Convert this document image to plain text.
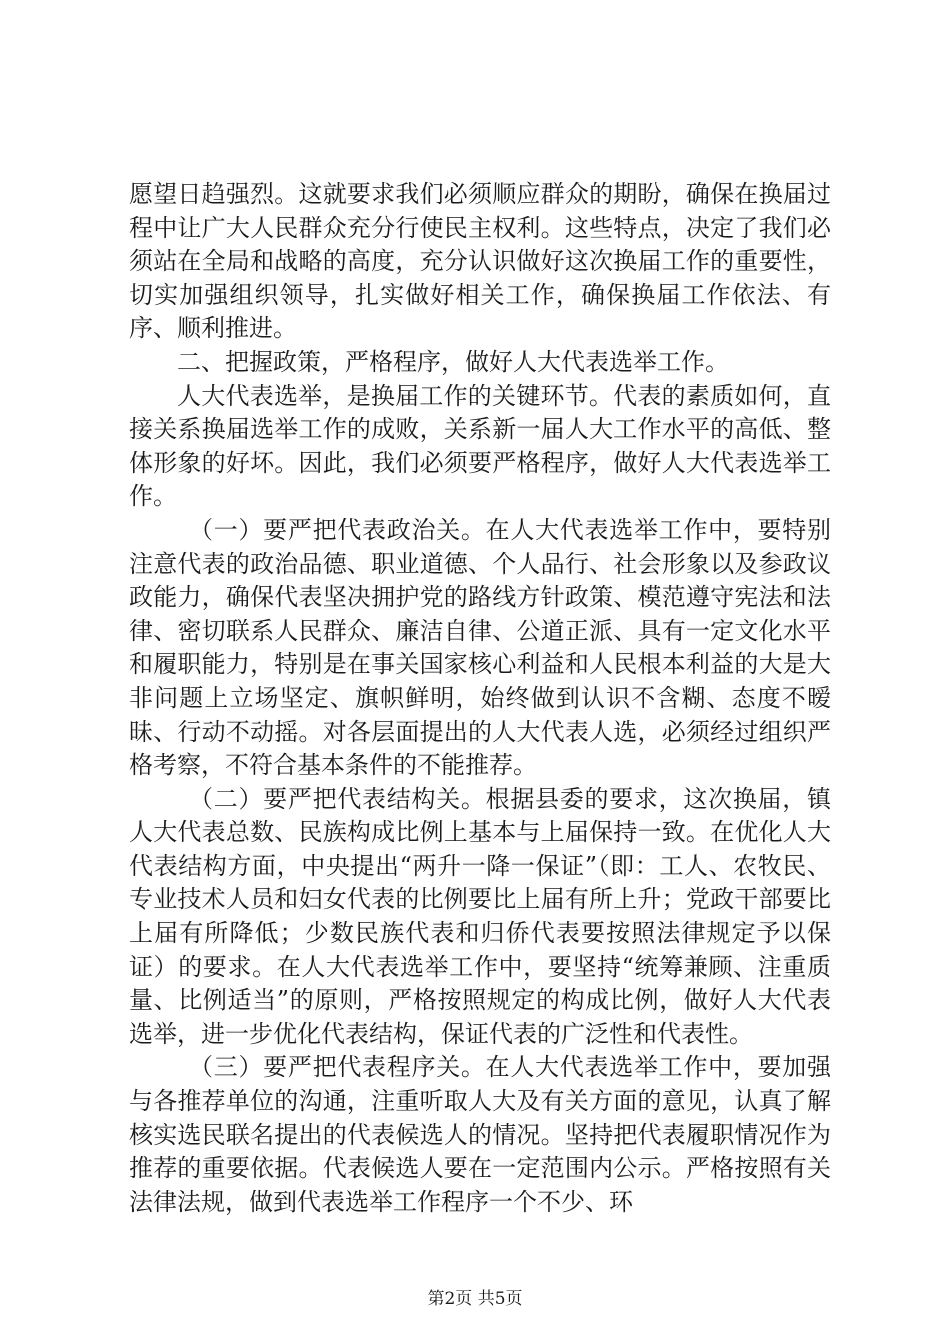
愿望日趋强烈。这就要求我们必须顺应群众的期盼，确保在换届过程中让广大人民群众充分行使民主权利。这些特点，决定了我们必须站在全局和战略的高度，充分认识做好这次换届工作的重要性，切实加强组织领导，扎实做好相关工作，确保换届工作依法、有序、顺利推进。

二、把握政策，严格程序，做好人大代表选举工作。

人大代表选举，是换届工作的关键环节。代表的素质如何，直接关系换届选举工作的成败，关系新一届人大工作水平的高低、整体形象的好坏。因此，我们必须要严格程序，做好人大代表选举工作。

（一）要严把代表政治关。在人大代表选举工作中，要特别注意代表的政治品德、职业道德、个人品行、社会形象以及参政议政能力，确保代表坚决拥护党的路线方针政策、模范遵守宪法和法律、密切联系人民群众、廉洁自律、公道正派、具有一定文化水平和履职能力，特别是在事关国家核心利益和人民根本利益的大是大非问题上立场坚定、旗帜鲜明，始终做到认识不含糊、态度不暧昧、行动不动摇。对各层面提出的人大代表人选，必须经过组织严格考察，不符合基本条件的不能推荐。

（二）要严把代表结构关。根据县委的要求，这次换届，镇人大代表总数、民族构成比例上基本与上届保持一致。在优化人大代表结构方面，中央提出“两升一降一保证”（即：工人、农牧民、专业技术人员和妇女代表的比例要比上届有所上升；党政干部要比上届有所降低；少数民族代表和归侨代表要按照法律规定予以保证）的要求。在人大代表选举工作中，要坚持“统筹兼顾、注重质量、比例适当”的原则，严格按照规定的构成比例，做好人大代表选举，进一步优化代表结构，保证代表的广泛性和代表性。

（三）要严把代表程序关。在人大代表选举工作中，要加强与各推荐单位的沟通，注重听取人大及有关方面的意见，认真了解核实选民联名提出的代表候选人的情况。坚持把代表履职情况作为推荐的重要依据。代表候选人要在一定范围内公示。严格按照有关法律法规，做到代表选举工作程序一个不少、环

第2页 共5页
